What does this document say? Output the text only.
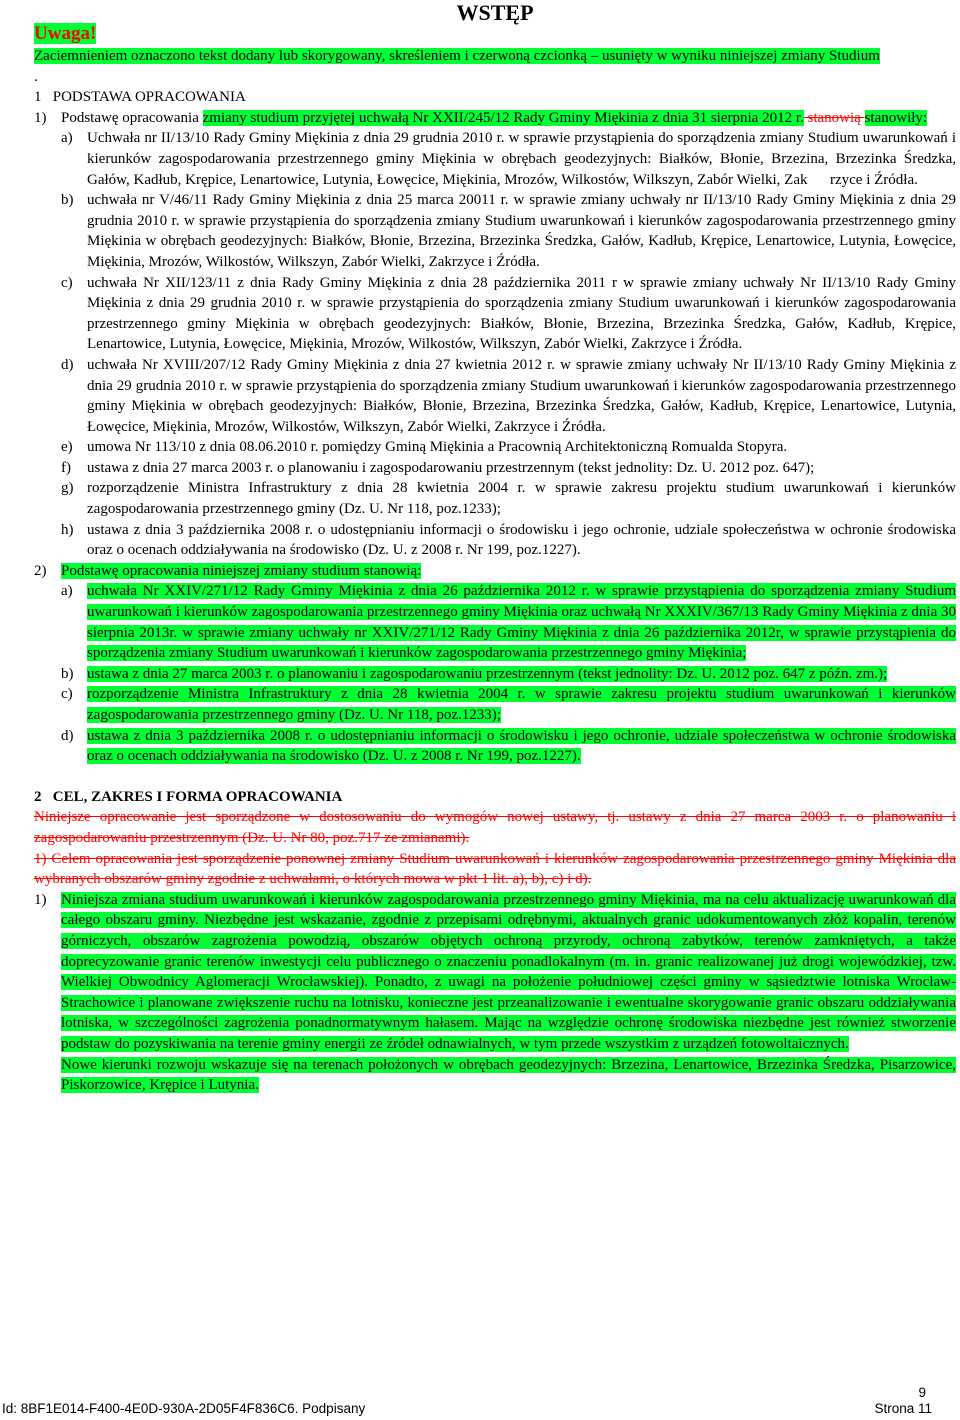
WSTĘP
Uwaga!

Zaciemnieniem oznaczono tekst dodany lub skorygowany, skreśleniem i czerwoną czcionką – usunięty w wyniku niniejszej zmiany Studium

.

1   PODSTAWA OPRACOWANIA

1) Podstawę opracowania zmiany studium przyjętej uchwałą Nr XXII/245/12 Rady Gminy Miękinia z dnia 31 sierpnia 2012 r. stanowią stanowiły:
a) Uchwała nr II/13/10 Rady Gminy Miękinia z dnia 29 grudnia 2010 r. w sprawie przystąpienia do sporządzenia zmiany Studium uwarunkowań i kierunków zagospodarowania przestrzennego gminy Miękinia w obrębach geodezyjnych: Białków, Błonie, Brzezina, Brzezinka Średzka, Gałów, Kadłub, Krępice, Lenartowice, Lutynia, Łowęcice, Miękinia, Mrozów, Wilkostów, Wilkszyn, Zabór Wielki, Zak      rzyce i Źródła.
b) uchwała nr V/46/11 Rady Gminy Miękinia z dnia 25 marca 20011 r. w sprawie zmiany uchwały nr II/13/10 Rady Gminy Miękinia z dnia 29 grudnia 2010 r. w sprawie przystąpienia do sporządzenia zmiany Studium uwarunkowań i kierunków zagospodarowania przestrzennego gminy Miękinia w obrębach geodezyjnych: Białków, Błonie, Brzezina, Brzezinka Średzka, Gałów, Kadłub, Krępice, Lenartowice, Lutynia, Łowęcice, Miękinia, Mrozów, Wilkostów, Wilkszyn, Zabór Wielki, Zakrzyce i Źródła.
c) uchwała Nr XII/123/11 z dnia Rady Gminy Miękinia z dnia 28 października 2011 r w sprawie zmiany uchwały Nr II/13/10 Rady Gminy Miękinia z dnia 29 grudnia 2010 r. w sprawie przystąpienia do sporządzenia zmiany Studium uwarunkowań i kierunków zagospodarowania przestrzennego gminy Miękinia w obrębach geodezyjnych: Białków, Błonie, Brzezina, Brzezinka Średzka, Gałów, Kadłub, Krępice, Lenartowice, Lutynia, Łowęcice, Miękinia, Mrozów, Wilkostów, Wilkszyn, Zabór Wielki, Zakrzyce i Źródła.
d) uchwała Nr XVIII/207/12 Rady Gminy Miękinia z dnia 27 kwietnia 2012 r. w sprawie zmiany uchwały Nr II/13/10 Rady Gminy Miękinia z dnia 29 grudnia 2010 r. w sprawie przystąpienia do sporządzenia zmiany Studium uwarunkowań i kierunków zagospodarowania przestrzennego gminy Miękinia w obrębach geodezyjnych: Białków, Błonie, Brzezina, Brzezinka Średzka, Gałów, Kadłub, Krępice, Lenartowice, Lutynia, Łowęcice, Miękinia, Mrozów, Wilkostów, Wilkszyn, Zabór Wielki, Zakrzyce i Źródła.
e) umowa Nr 113/10 z dnia 08.06.2010 r. pomiędzy Gminą Miękinia a Pracownią Architektoniczną Romualda Stopyra.
f) ustawa z dnia 27 marca 2003 r. o planowaniu i zagospodarowaniu przestrzennym (tekst jednolity: Dz. U. 2012 poz. 647);
g) rozporządzenie Ministra Infrastruktury z dnia 28 kwietnia 2004 r. w sprawie zakresu projektu studium uwarunkowań i kierunków zagospodarowania przestrzennego gminy (Dz. U. Nr 118, poz.1233);
h) ustawa z dnia 3 października 2008 r. o udostępnianiu informacji o środowisku i jego ochronie, udziale społeczeństwa w ochronie środowiska oraz o ocenach oddziaływania na środowisko (Dz. U. z 2008 r. Nr 199, poz.1227).
2) Podstawę opracowania niniejszej zmiany studium stanowią:
a) uchwała Nr XXIV/271/12 Rady Gminy Miękinia z dnia 26 października 2012 r. w sprawie przystąpienia do sporządzenia zmiany Studium uwarunkowań i kierunków zagospodarowania przestrzennego gminy Miękinia oraz uchwałą Nr XXXIV/367/13 Rady Gminy Miękinia z dnia 30 sierpnia 2013r. w sprawie zmiany uchwały nr XXIV/271/12 Rady Gminy Miękinia z dnia 26 października 2012r, w sprawie przystąpienia do sporządzenia zmiany Studium uwarunkowań i kierunków zagospodarowania przestrzennego gminy Miękinia;
b) ustawa z dnia 27 marca 2003 r. o planowaniu i zagospodarowaniu przestrzennym (tekst jednolity: Dz. U. 2012 poz. 647 z późn. zm.);
c) rozporządzenie Ministra Infrastruktury z dnia 28 kwietnia 2004 r. w sprawie zakresu projektu studium uwarunkowań i kierunków zagospodarowania przestrzennego gminy (Dz. U. Nr 118, poz.1233);
d) ustawa z dnia 3 października 2008 r. o udostępnianiu informacji o środowisku i jego ochronie, udziale społeczeństwa w ochronie środowiska oraz o ocenach oddziaływania na środowisko (Dz. U. z 2008 r. Nr 199, poz.1227).

2   CEL, ZAKRES I FORMA OPRACOWANIA

Niniejsze opracowanie jest sporządzone w dostosowaniu do wymogów nowej ustawy, tj. ustawy z dnia 27 marca 2003 r. o planowaniu i zagospodarowaniu przestrzennym (Dz. U. Nr 80, poz.717 ze zmianami).

1) Celem opracowania jest sporządzenie ponownej zmiany Studium uwarunkowań i kierunków zagospodarowania przestrzennego gminy Miękinia dla wybranych obszarów gminy zgodnie z uchwałami, o których mowa w pkt 1 lit. a), b), c) i d).

1) Niniejsza zmiana studium uwarunkowań i kierunków zagospodarowania przestrzennego gminy Miękinia, ma na celu aktualizację uwarunkowań dla całego obszaru gminy. Niezbędne jest wskazanie, zgodnie z przepisami odrębnymi, aktualnych granic udokumentowanych złóż kopalin, terenów górniczych, obszarów zagrożenia powodzią, obszarów objętych ochroną przyrody, ochroną zabytków, terenów zamkniętych, a także doprecyzowanie granic terenów inwestycji celu publicznego o znaczeniu ponadlokalnym (m. in. granic realizowanej już drogi wojewódzkiej, tzw. Wielkiej Obwodnicy Aglomeracji Wrocławskiej). Ponadto, z uwagi na położenie południowej części gminy w sąsiedztwie lotniska Wrocław-Strachowice i planowane zwiększenie ruchu na lotnisku, konieczne jest przeanalizowanie i ewentualne skorygowanie granic obszaru oddziaływania lotniska, w szczególności zagrożenia ponadnormatywnym hałasem. Mając na względzie ochronę środowiska niezbędne jest również stworzenie podstaw do pozyskiwania na terenie gminy energii ze źródeł odnawialnych, w tym przede wszystkim z urządzeń fotowoltaicznych.
Nowe kierunki rozwoju wskazuje się na terenach położonych w obrębach geodezyjnych: Brzezina, Lenartowice, Brzezinka Średzka, Pisarzowice, Piskorzowice, Krępice i Lutynia.
9
Id: 8BF1E014-F400-4E0D-930A-2D05F4F836C6. Podpisany	Strona 11
